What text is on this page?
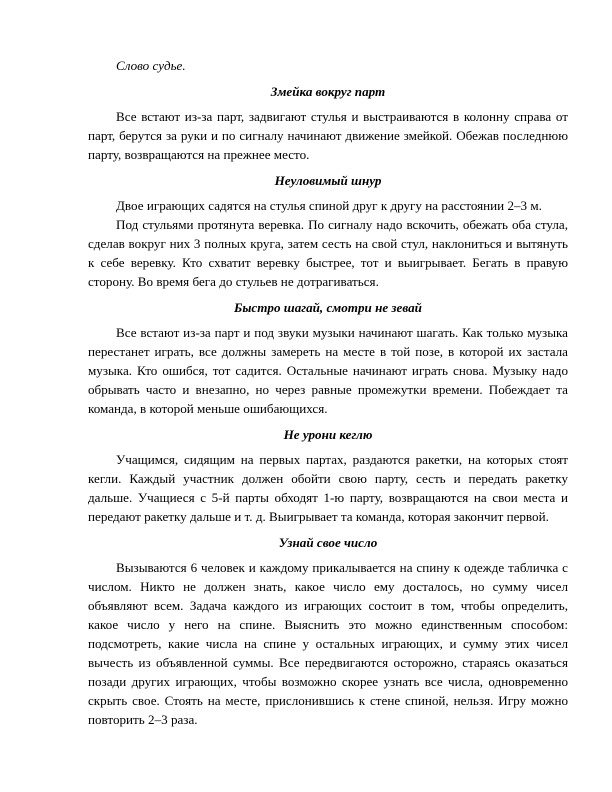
Слово судье.

Змейка вокруг парт

Все встают из-за парт, задвигают стулья и выстраиваются в колонну справа от парт, берутся за руки и по сигналу начинают движение змейкой. Обежав последнюю парту, возвращаются на прежнее место.

Неуловимый шнур

Двое играющих садятся на стулья спиной друг к другу на расстоянии 2–3 м.

Под стульями протянута веревка. По сигналу надо вскочить, обежать оба стула, сделав вокруг них 3 полных круга, затем сесть на свой стул, наклониться и вытянуть к себе веревку. Кто схватит веревку быстрее, тот и выигрывает. Бегать в правую сторону. Во время бега до стульев не дотрагиваться.

Быстро шагай, смотри не зевай

Все встают из-за парт и под звуки музыки начинают шагать. Как только музыка перестанет играть, все должны замереть на месте в той позе, в которой их застала музыка. Кто ошибся, тот садится. Остальные начинают играть снова. Музыку надо обрывать часто и внезапно, но через равные промежутки времени. Побеждает та команда, в которой меньше ошибающихся.

Не урони кеглю

Учащимся, сидящим на первых партах, раздаются ракетки, на которых стоят кегли. Каждый участник должен обойти свою парту, сесть и передать ракетку дальше. Учащиеся с 5-й парты обходят 1-ю парту, возвращаются на свои места и передают ракетку дальше и т. д. Выигрывает та команда, которая закончит первой.

Узнай свое число

Вызываются 6 человек и каждому прикалывается на спину к одежде табличка с числом. Никто не должен знать, какое число ему досталось, но сумму чисел объявляют всем. Задача каждого из играющих состоит в том, чтобы определить, какое число у него на спине. Выяснить это можно единственным способом: подсмотреть, какие числа на спине у остальных играющих, и сумму этих чисел вычесть из объявленной суммы. Все передвигаются осторожно, стараясь оказаться позади других играющих, чтобы возможно скорее узнать все числа, одновременно скрыть свое. Стоять на месте, прислонившись к стене спиной, нельзя. Игру можно повторить 2–3 раза.
